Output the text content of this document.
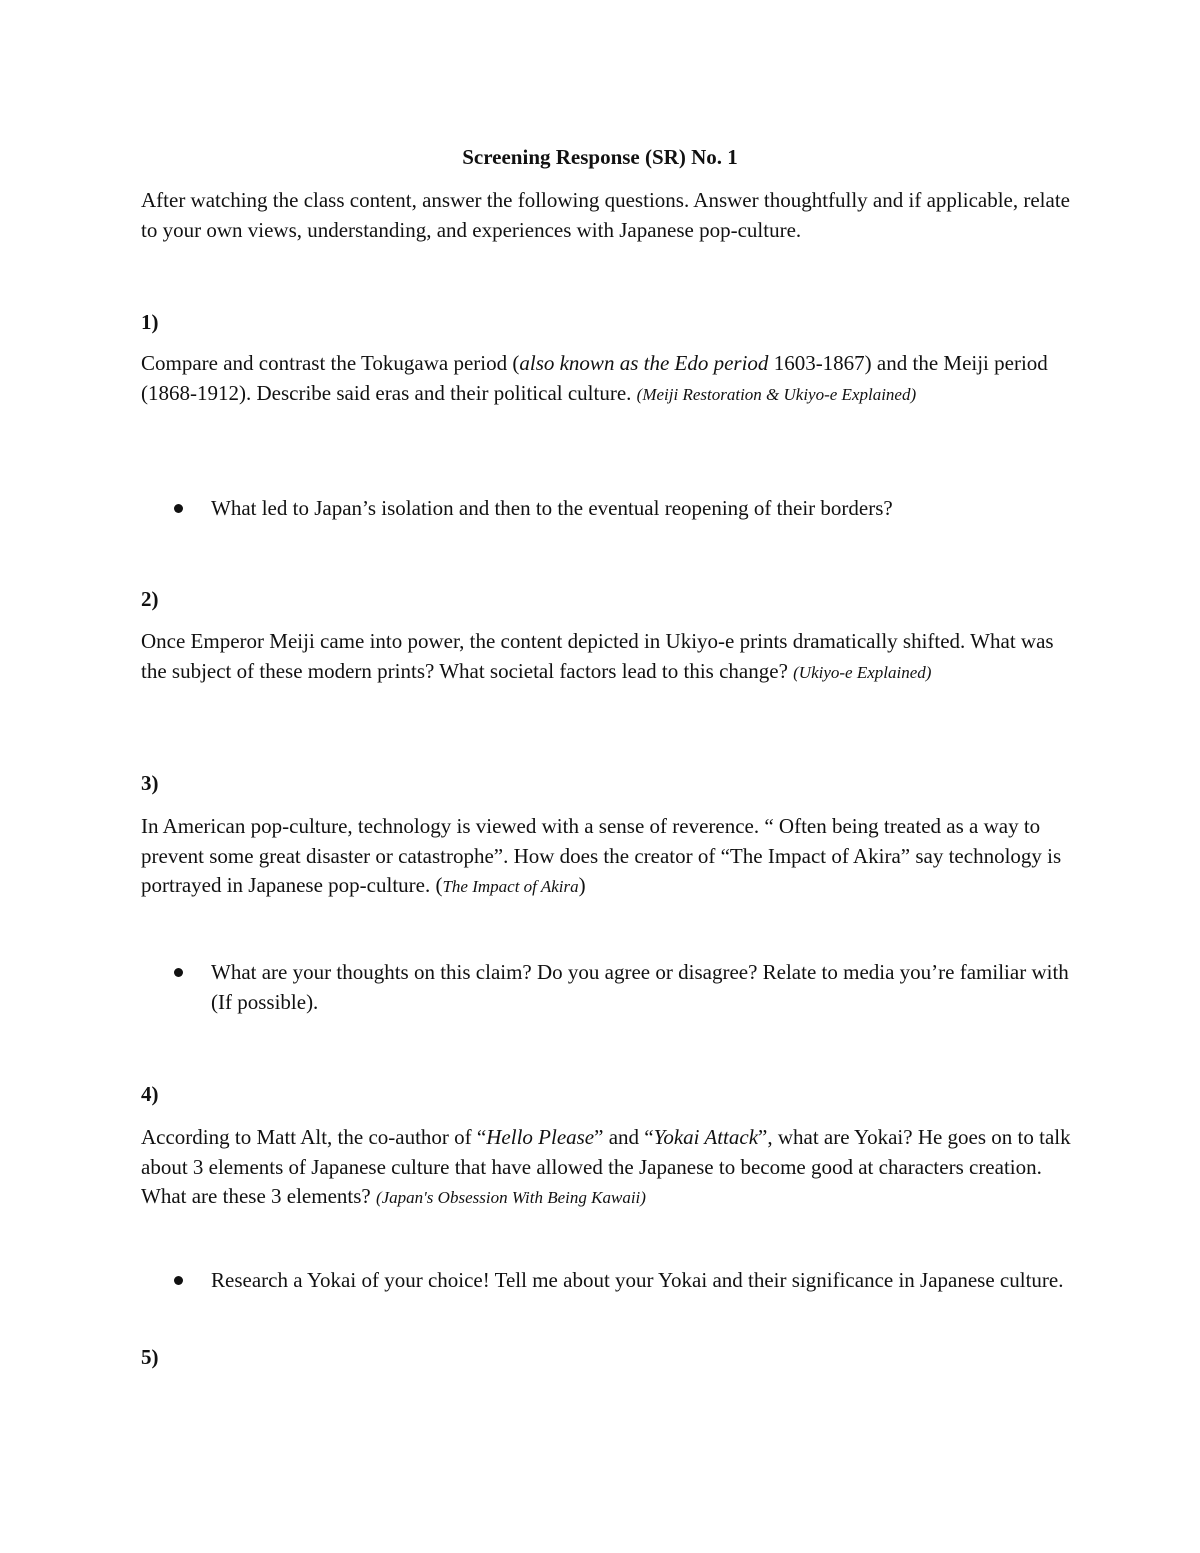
Screening Response (SR) No. 1
After watching the class content, answer the following questions. Answer thoughtfully and if applicable, relate to your own views, understanding, and experiences with Japanese pop-culture.
1)
Compare and contrast the Tokugawa period (also known as the Edo period 1603-1867) and the Meiji period (1868-1912). Describe said eras and their political culture. (Meiji Restoration & Ukiyo-e Explained)
What led to Japan’s isolation and then to the eventual reopening of their borders?
2)
Once Emperor Meiji came into power, the content depicted in Ukiyo-e prints dramatically shifted. What was the subject of these modern prints? What societal factors lead to this change? (Ukiyo-e Explained)
3)
In American pop-culture, technology is viewed with a sense of reverence. “ Often being treated as a way to prevent some great disaster or catastrophe”. How does the creator of “The Impact of Akira” say technology is portrayed in Japanese pop-culture. (The Impact of Akira)
What are your thoughts on this claim? Do you agree or disagree? Relate to media you’re familiar with (If possible).
4)
According to Matt Alt, the co-author of “Hello Please” and “Yokai Attack”, what are Yokai? He goes on to talk about 3 elements of Japanese culture that have allowed the Japanese to become good at characters creation. What are these 3 elements? (Japan's Obsession With Being Kawaii)
Research a Yokai of your choice! Tell me about your Yokai and their significance in Japanese culture.
5)
